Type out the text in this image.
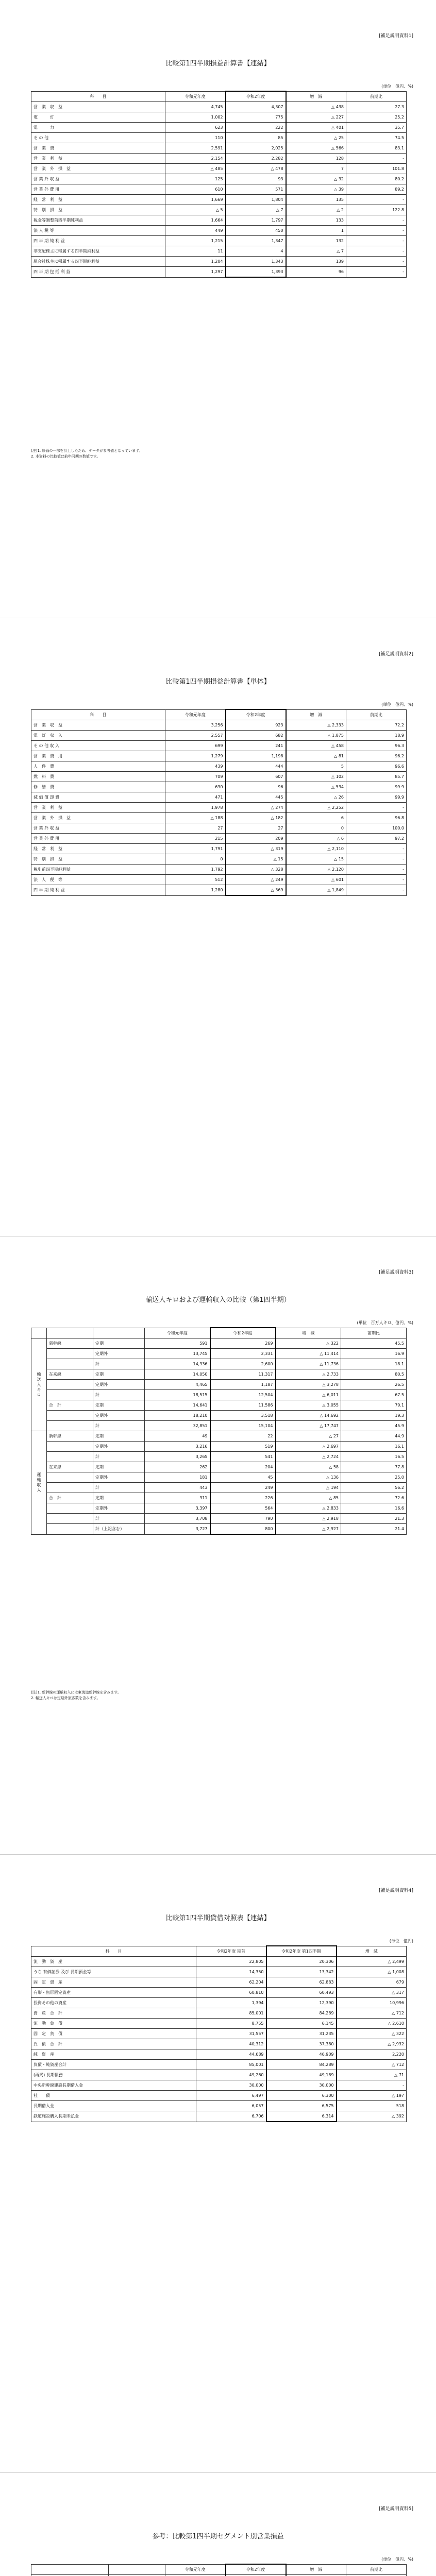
[補足説明資料1]
比較第1四半期損益計算書【連結】
(単位　億円、%)
科　　目	令和元年度	令和2年度	増　減	前期比
営　業　収　益	4,745	4,307	△ 438	27.3
電　　　灯	1,002	775	△ 227	25.2
電　　　力	623	222	△ 401	35.7
そ の 他	110	85	△ 25	74.5
営　業　費	2,591	2,025	△ 566	83.1
営　業　利　益	2,154	2,282	128	-
営　業　外　損　益	△ 485	△ 478	7	101.8
営 業 外 収 益	125	93	△ 32	80.2
営 業 外 費 用	610	571	△ 39	89.2
経　常　利　益	1,669	1,804	135	-
特　別　損　益	△ 5	△ 7	△ 2	122.8
税金等調整前四半期純利益	1,664	1,797	133	-
法 人 税 等	449	450	1	-
四 半 期 純 利 益	1,215	1,347	132	-
非支配株主に帰属する四半期純利益	11	4	△ 7	-
親会社株主に帰属する四半期純利益	1,204	1,343	139	-
四 半 期 包 括 利 益	1,297	1,393	96	-
(注)1. 原価の一部を計上したため、データが参考値となっています。
2. 本資料の比較値は前年同期の数値です。
[補足説明資料2]
比較第1四半期損益計算書【単体】
(単位　億円、%)
科　　目	令和元年度	令和2年度	増　減	前期比
営　業　収　益	3,256	923	△ 2,333	72.2
電　灯　収　入	2,557	682	△ 1,875	18.9
そ の 他 収 入	699	241	△ 458	96.3
営　業　費　用	1,279	1,198	△ 81	96.2
人　件　費	439	444	5	96.6
燃　料　費	709	607	△ 102	85.7
修　繕　費	630	96	△ 534	99.9
減 価 償 却 費	471	445	△ 26	99.9
営　業　利　益	1,978	△ 274	△ 2,252	-
営　業　外　損　益	△ 188	△ 182	6	96.8
営 業 外 収 益	27	27	0	100.0
営 業 外 費 用	215	209	△ 6	97.2
経　常　利　益	1,791	△ 319	△ 2,110	-
特　別　損　益	0	△ 15	△ 15	-
税引前四半期純利益	1,792	△ 328	△ 2,120	-
法　人　税　等	512	△ 249	△ 601	-
四 半 期 純 利 益	1,280	△ 369	△ 1,849	-
[補足説明資料3]
輸送人キロおよび運輸収入の比較（第1四半期）
(単位　百万人キロ、億円、%)
			令和元年度	令和2年度	増　減	前期比
輸送人キロ	新幹線	定期	591	269	△ 322	45.5
		定期外	13,745	2,331	△ 11,414	16.9
		計	14,336	2,600	△ 11,736	18.1
	在来線	定期	14,050	11,317	△ 2,733	80.5
		定期外	4,465	1,187	△ 3,278	26.5
		計	18,515	12,504	△ 6,011	67.5
	合　計	定期	14,641	11,586	△ 3,055	79.1
		定期外	18,210	3,518	△ 14,692	19.3
		計	32,851	15,104	△ 17,747	45.9
運輸収入	新幹線	定期	49	22	△ 27	44.9
		定期外	3,216	519	△ 2,697	16.1
		計	3,265	541	△ 2,724	16.5
	在来線	定期	262	204	△ 58	77.8
		定期外	181	45	△ 136	25.0
		計	443	249	△ 194	56.2
	合　計	定期	311	226	△ 85	72.6
		定期外	3,397	564	△ 2,833	16.6
		計	3,708	790	△ 2,918	21.3
		計（上記含む）	3,727	800	△ 2,927	21.4
(注)1. 新幹線の運輸収入には東海道新幹線を含みます。
2. 輸送人キロは定期外旅客数を含みます。
[補足説明資料4]
比較第1四半期貸借対照表【連結】
(単位　億円)
科　　目	令和2年度 期首	令和2年度 第1四半期	増　減
流　動　資　産	22,805	20,306	△ 2,499
うち 有価証券 及び 長期預金等	14,350	13,342	△ 1,008
固　定　資　産	62,204	62,883	679
有形・無形固定資産	60,810	60,493	△ 317
投資その他の資産	1,394	12,390	10,996
資　産　合　計	85,001	84,289	△ 712
流　動　負　債	8,755	6,145	△ 2,610
固　定　負　債	31,557	31,235	△ 322
負　債　合　計	40,312	37,380	△ 2,932
純　資　産	44,689	46,909	2,220
負債・純資産合計	85,001	84,289	△ 712
(再掲) 長期債務	49,260	49,189	△ 71
中央新幹線建設長期借入金	30,000	30,000	-
社　　債	6,497	6,300	△ 197
長期借入金	6,057	6,575	518
鉄道施設購入長期未払金	6,706	6,314	△ 392
[補足説明資料5]
参考：比較第1四半期セグメント別営業損益
(単位　億円、%)
		令和元年度	令和2年度	増　減	前期比
